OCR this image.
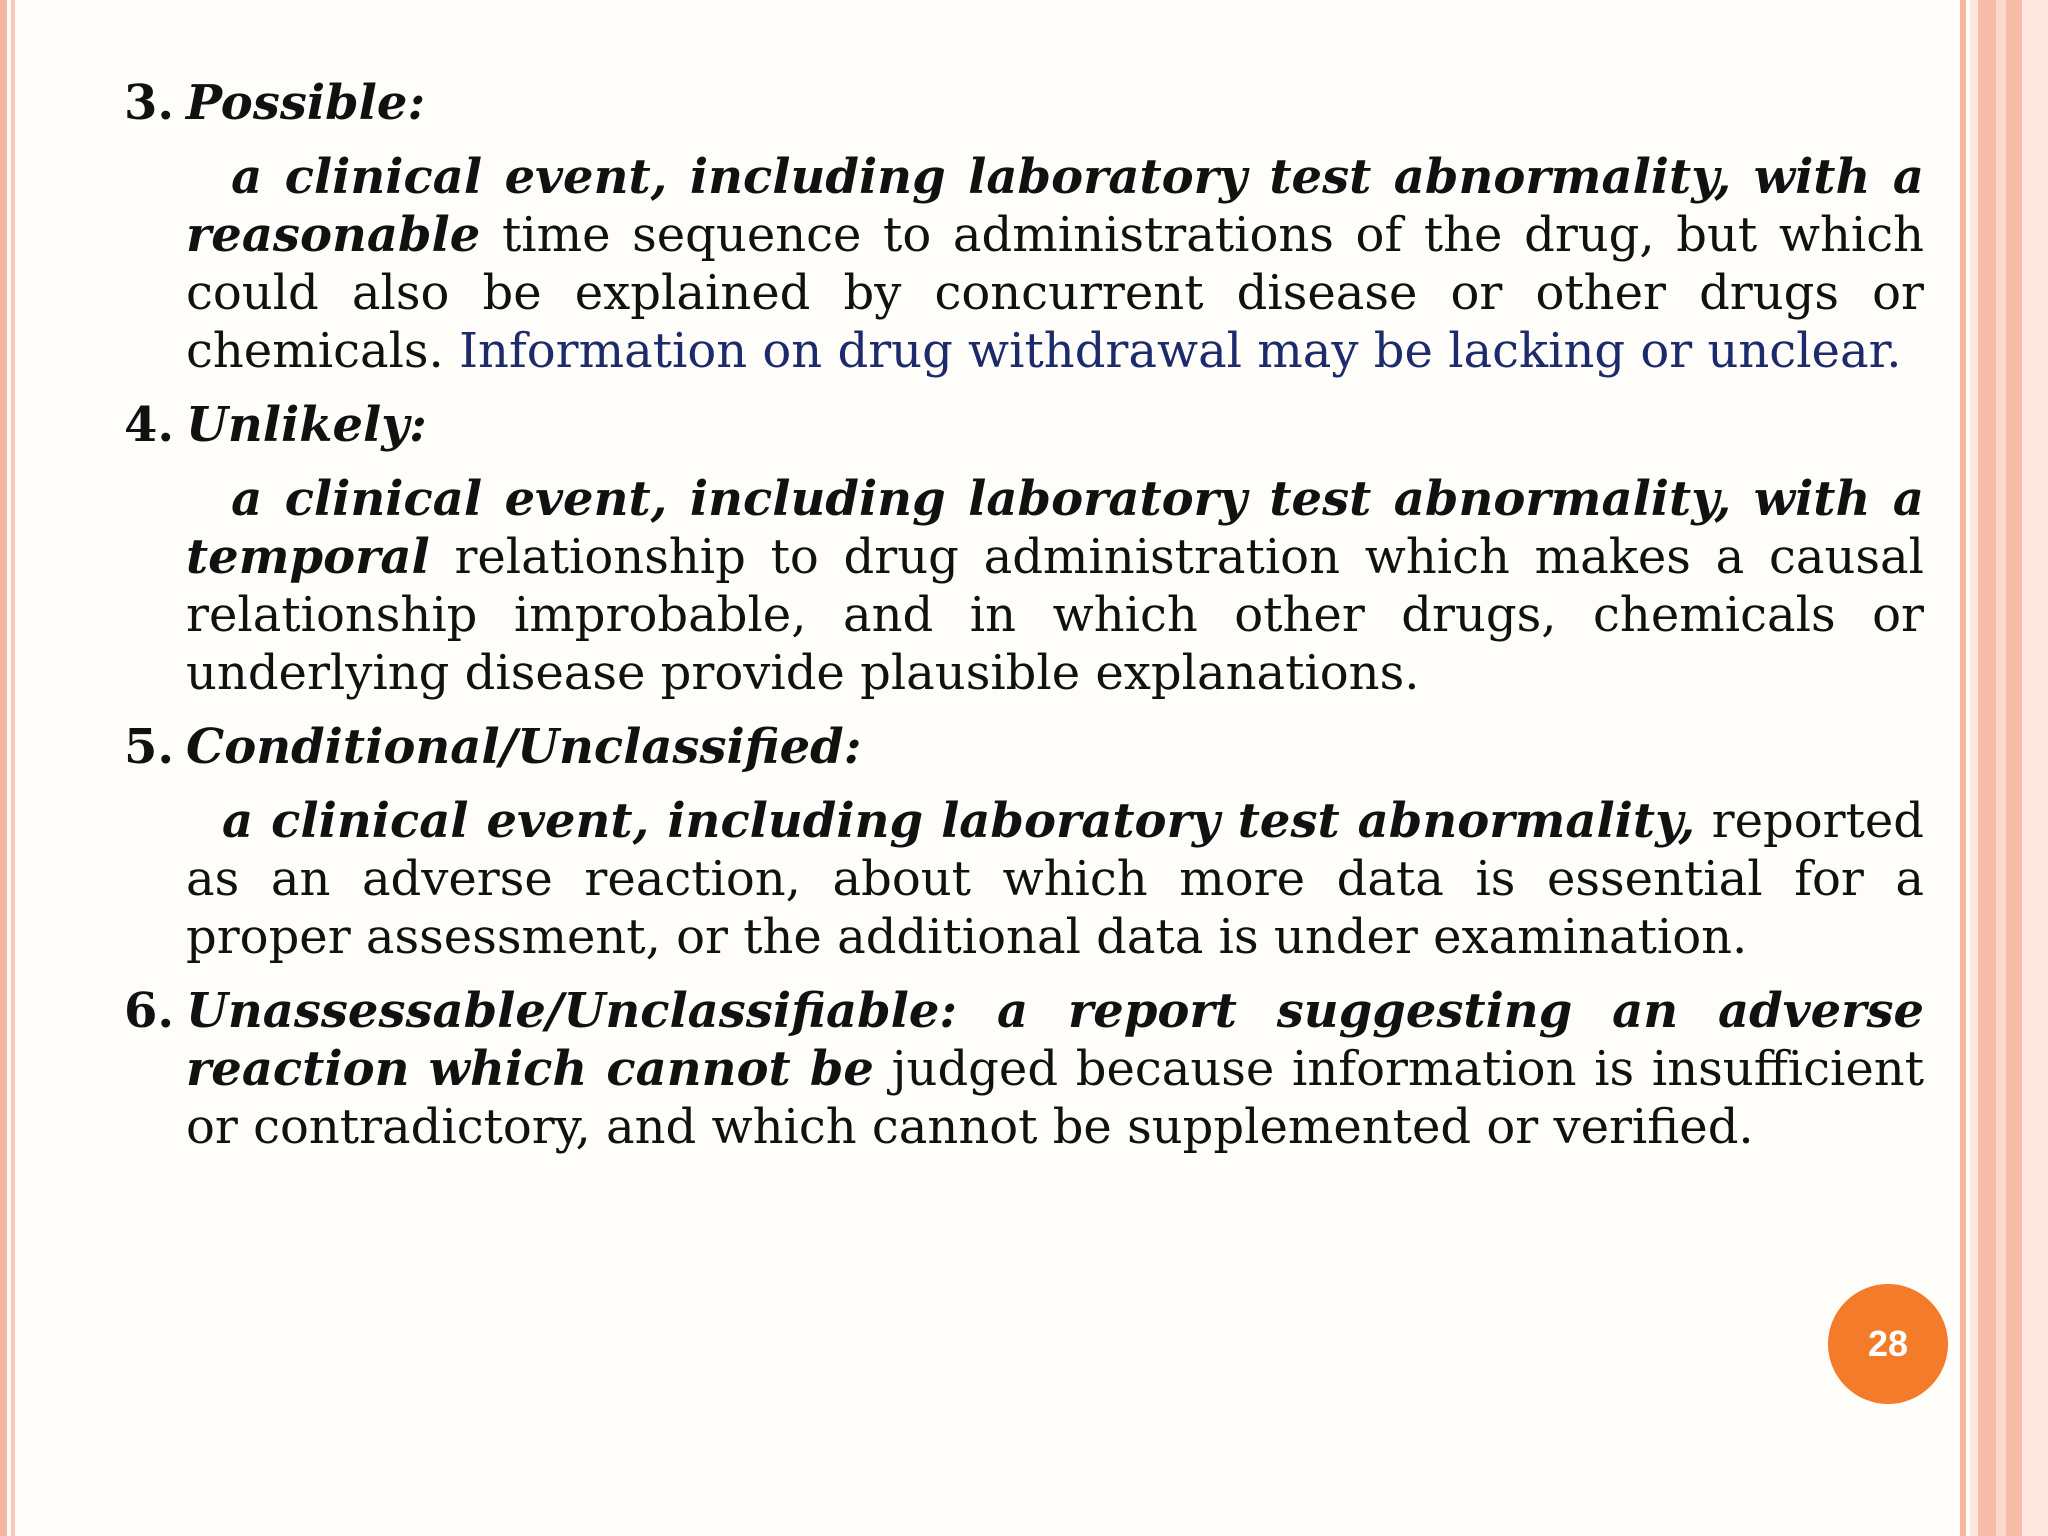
3. Possible:
a clinical event, including laboratory test abnormality, with a reasonable time sequence to administrations of the drug, but which could also be explained by concurrent disease or other drugs or chemicals. Information on drug withdrawal may be lacking or unclear.
4. Unlikely:
a clinical event, including laboratory test abnormality, with a temporal relationship to drug administration which makes a causal relationship improbable, and in which other drugs, chemicals or underlying disease provide plausible explanations.
5. Conditional/Unclassified:
a clinical event, including laboratory test abnormality, reported as an adverse reaction, about which more data is essential for a proper assessment, or the additional data is under examination.
6. Unassessable/Unclassifiable: a report suggesting an adverse reaction which cannot be judged because information is insufficient or contradictory, and which cannot be supplemented or verified.
28
